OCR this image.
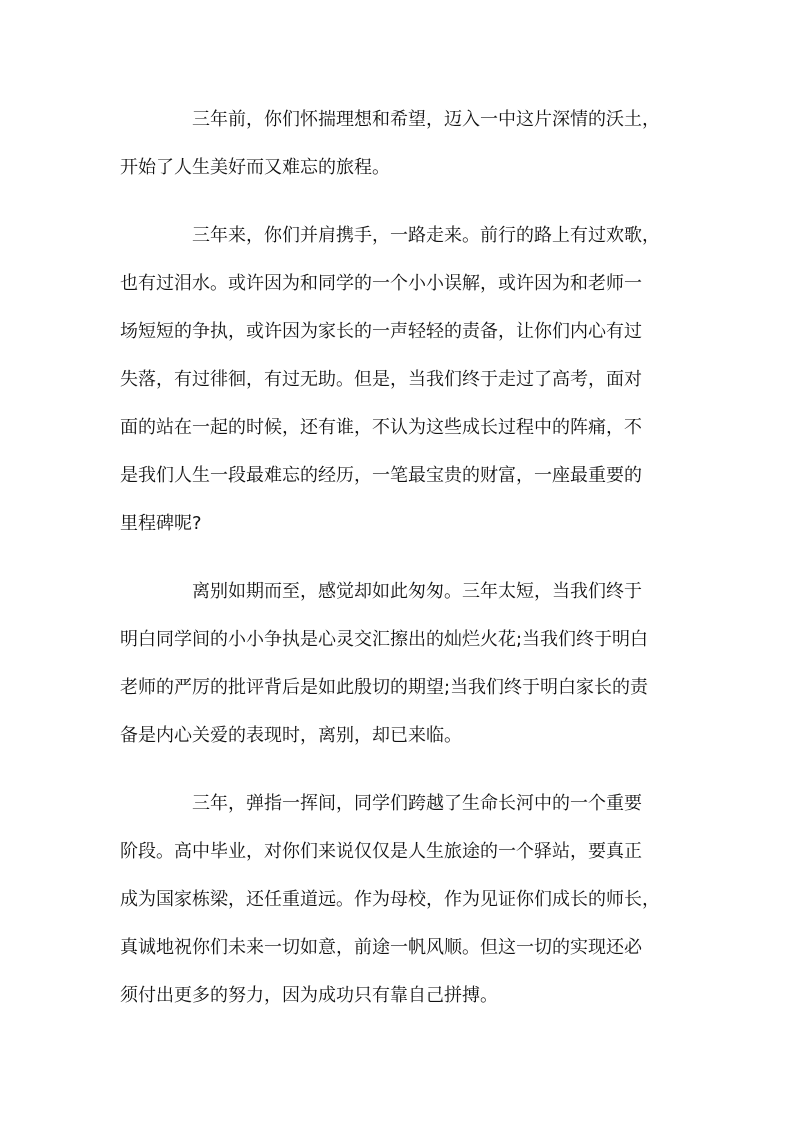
三年前，你们怀揣理想和希望，迈入一中这片深情的沃土，
开始了人生美好而又难忘的旅程。
三年来，你们并肩携手，一路走来。前行的路上有过欢歌，
也有过泪水。或许因为和同学的一个小小误解，或许因为和老师一
场短短的争执，或许因为家长的一声轻轻的责备，让你们内心有过
失落，有过徘徊，有过无助。但是，当我们终于走过了高考，面对
面的站在一起的时候，还有谁，不认为这些成长过程中的阵痛，不
是我们人生一段最难忘的经历，一笔最宝贵的财富，一座最重要的
里程碑呢?
离别如期而至，感觉却如此匆匆。三年太短，当我们终于
明白同学间的小小争执是心灵交汇擦出的灿烂火花;当我们终于明白
老师的严厉的批评背后是如此殷切的期望;当我们终于明白家长的责
备是内心关爱的表现时，离别，却已来临。
三年，弹指一挥间，同学们跨越了生命长河中的一个重要
阶段。高中毕业，对你们来说仅仅是人生旅途的一个驿站，要真正
成为国家栋梁，还任重道远。作为母校，作为见证你们成长的师长，
真诚地祝你们未来一切如意，前途一帆风顺。但这一切的实现还必
须付出更多的努力，因为成功只有靠自己拼搏。
